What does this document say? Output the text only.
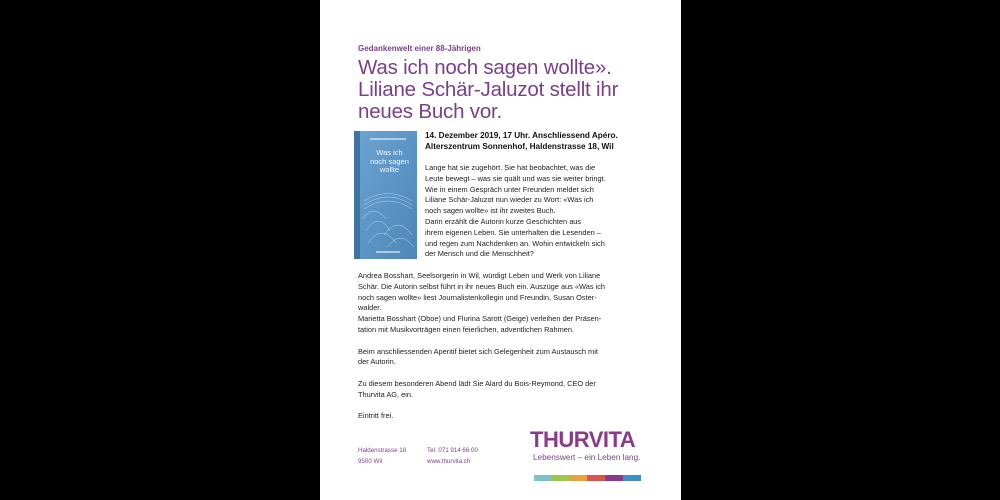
Gedankenwelt einer 88-Jährigen
Was ich noch sagen wollte».
Liliane Schär-Jaluzot stellt ihr
neues Buch vor.
Was ich
noch sagen
wollte
14. Dezember 2019, 17 Uhr. Anschliessend Apéro.
Alterszentrum Sonnenhof, Haldenstrasse 18, Wil

Lange hat sie zugehört. Sie hat beobachtet, was die

Leute bewegt – was sie quält und was sie weiter bringt.

Wie in einem Gespräch unter Freunden meldet sich

Liliane Schär-Jaluzot nun wieder zu Wort: «Was ich

noch sagen wollte» ist ihr zweites Buch.

Darin erzählt die Autorin kurze Geschichten aus

ihrem eigenen Leben. Sie unterhalten die Lesenden –

und regen zum Nachdenken an. Wohin entwickeln sich

der Mensch und die Menschheit?

Andrea Bosshart, Seelsorgerin in Wil, würdigt Leben und Werk von Liliane

Schär. Die Autorin selbst führt in ihr neues Buch ein. Auszüge aus «Was ich

noch sagen wollte» liest Journalistenkollegin und Freundin, Susan Oster-

walder.

Marietta Bosshart (Oboe) und Flurina Sarott (Geige) verleihen der Präsen-

tation mit Musikvorträgen einen feierlichen, adventlichen Rahmen.

Beim anschliessenden Aperitif bietet sich Gelegenheit zum Austausch mit

der Autorin.

Zu diesem besonderen Abend lädt Sie Alard du Bois-Reymond, CEO der

Thurvita AG, ein.

Eintritt frei.

Haldenstrasse 18
9500 Wil
Tel. 071 914 66 00
www.thurvita.ch
THURVITA
Lebenswert – ein Leben lang.
